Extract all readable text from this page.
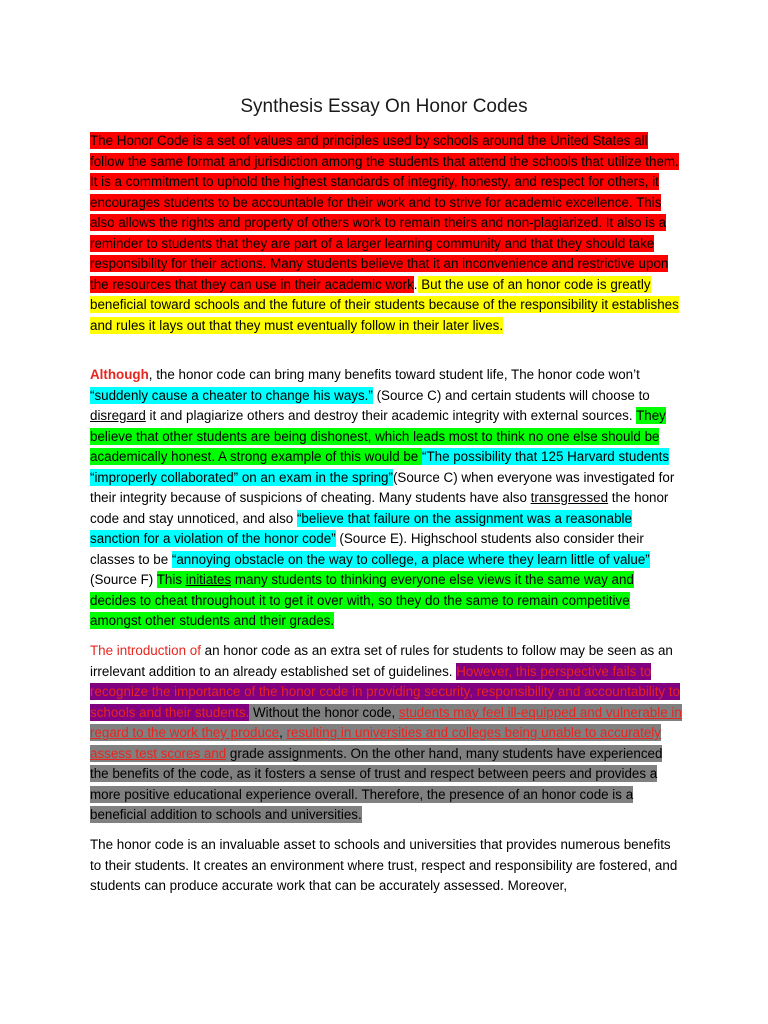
Synthesis Essay On Honor Codes

The Honor Code is a set of values and principles used by schools around the United States all follow the same format and jurisdiction among the students that attend the schools that utilize them. It is a commitment to uphold the highest standards of integrity, honesty, and respect for others, it encourages students to be accountable for their work and to strive for academic excellence. This also allows the rights and property of others work to remain theirs and non-plagiarized. It also is a reminder to students that they are part of a larger learning community and that they should take responsibility for their actions. Many students believe that it an inconvenience and restrictive upon the resources that they can use in their academic work. But the use of an honor code is greatly beneficial toward schools and the future of their students because of the responsibility it establishes and rules it lays out that they must eventually follow in their later lives.

Although, the honor code can bring many benefits toward student life, The honor code won’t “suddenly cause a cheater to change his ways.” (Source C) and certain students will choose to disregard it and plagiarize others and destroy their academic integrity with external sources. They believe that other students are being dishonest, which leads most to think no one else should be academically honest. A strong example of this would be “The possibility that 125 Harvard students “improperly collaborated” on an exam in the spring”(Source C) when everyone was investigated for their integrity because of suspicions of cheating. Many students have also transgressed the honor code and stay unnoticed, and also “believe that failure on the assignment was a reasonable sanction for a violation of the honor code” (Source E). Highschool students also consider their classes to be “annoying obstacle on the way to college, a place where they learn little of value” (Source F) This initiates many students to thinking everyone else views it the same way and decides to cheat throughout it to get it over with, so they do the same to remain competitive amongst other students and their grades.

The introduction of an honor code as an extra set of rules for students to follow may be seen as an irrelevant addition to an already established set of guidelines. However, this perspective fails to recognize the importance of the honor code in providing security, responsibility and accountability to schools and their students. Without the honor code, students may feel ill-equipped and vulnerable in regard to the work they produce, resulting in universities and colleges being unable to accurately assess test scores and grade assignments. On the other hand, many students have experienced the benefits of the code, as it fosters a sense of trust and respect between peers and provides a more positive educational experience overall. Therefore, the presence of an honor code is a beneficial addition to schools and universities.

The honor code is an invaluable asset to schools and universities that provides numerous benefits to their students. It creates an environment where trust, respect and responsibility are fostered, and students can produce accurate work that can be accurately assessed. Moreover,
